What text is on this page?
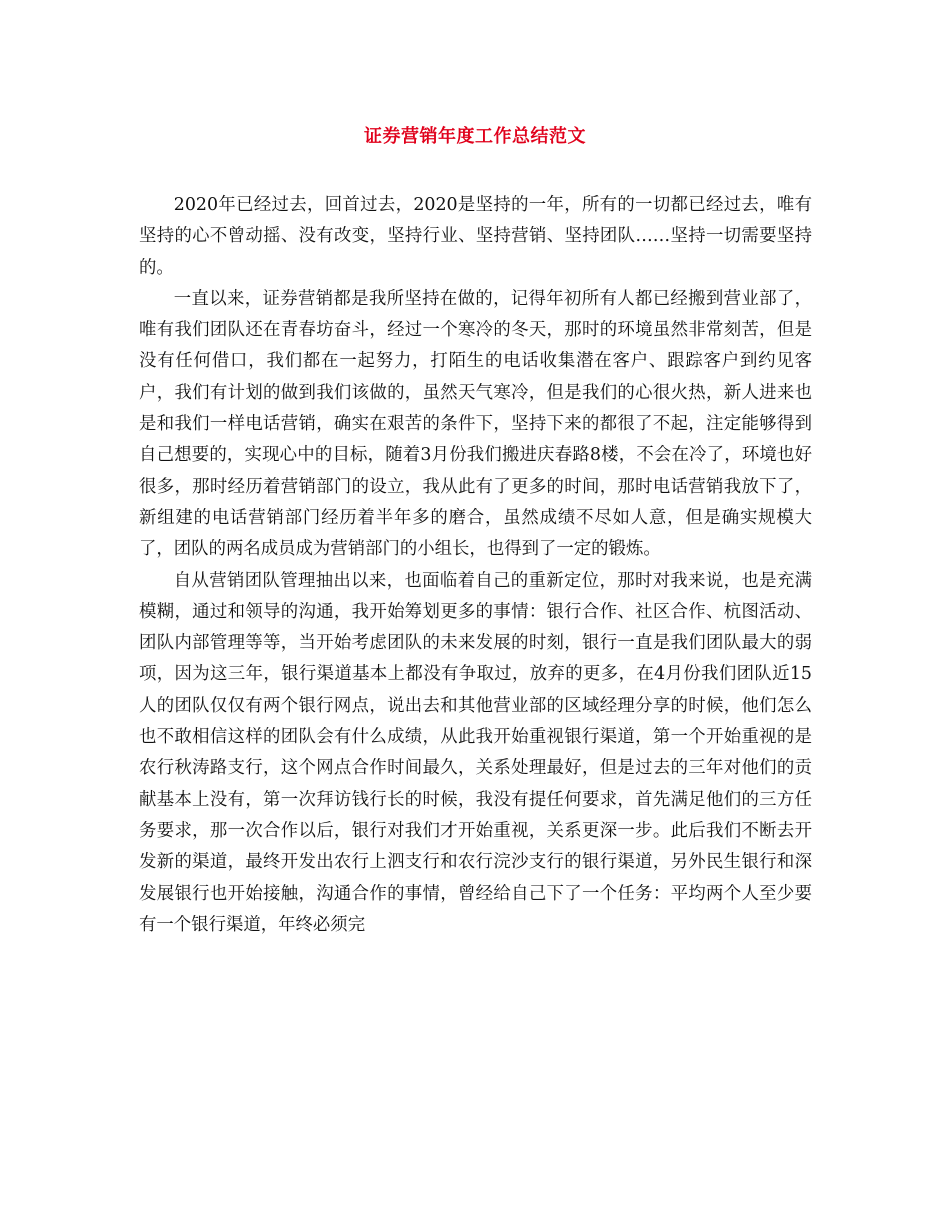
证券营销年度工作总结范文

2020年已经过去，回首过去，2020是坚持的一年，所有的一切都已经过去，唯有坚持的心不曾动摇、没有改变，坚持行业、坚持营销、坚持团队……坚持一切需要坚持的。

一直以来，证券营销都是我所坚持在做的，记得年初所有人都已经搬到营业部了，唯有我们团队还在青春坊奋斗，经过一个寒冷的冬天，那时的环境虽然非常刻苦，但是没有任何借口，我们都在一起努力，打陌生的电话收集潜在客户、跟踪客户到约见客户，我们有计划的做到我们该做的，虽然天气寒冷，但是我们的心很火热，新人进来也是和我们一样电话营销，确实在艰苦的条件下，坚持下来的都很了不起，注定能够得到自己想要的，实现心中的目标，随着3月份我们搬进庆春路8楼，不会在冷了，环境也好很多，那时经历着营销部门的设立，我从此有了更多的时间，那时电话营销我放下了，新组建的电话营销部门经历着半年多的磨合，虽然成绩不尽如人意，但是确实规模大了，团队的两名成员成为营销部门的小组长，也得到了一定的锻炼。

自从营销团队管理抽出以来，也面临着自己的重新定位，那时对我来说，也是充满模糊，通过和领导的沟通，我开始筹划更多的事情：银行合作、社区合作、杭图活动、团队内部管理等等，当开始考虑团队的未来发展的时刻，银行一直是我们团队最大的弱项，因为这三年，银行渠道基本上都没有争取过，放弃的更多，在4月份我们团队近15人的团队仅仅有两个银行网点，说出去和其他营业部的区域经理分享的时候，他们怎么也不敢相信这样的团队会有什么成绩，从此我开始重视银行渠道，第一个开始重视的是农行秋涛路支行，这个网点合作时间最久，关系处理最好，但是过去的三年对他们的贡献基本上没有，第一次拜访钱行长的时候，我没有提任何要求，首先满足他们的三方任务要求，那一次合作以后，银行对我们才开始重视，关系更深一步。此后我们不断去开发新的渠道，最终开发出农行上泗支行和农行浣沙支行的银行渠道，另外民生银行和深发展银行也开始接触，沟通合作的事情，曾经给自己下了一个任务：平均两个人至少要有一个银行渠道，年终必须完
